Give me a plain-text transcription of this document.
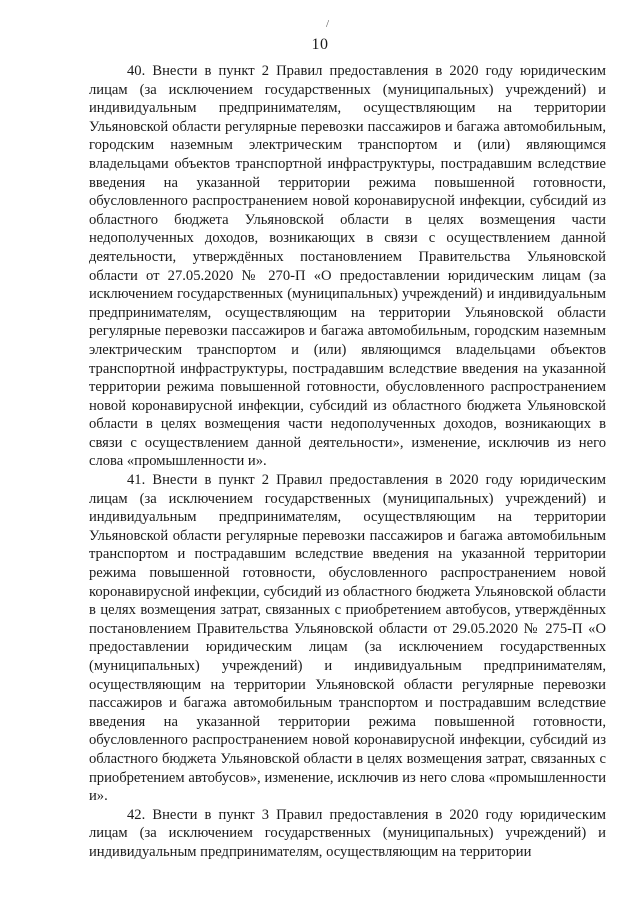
/
10

40. Внести в пункт 2 Правил предоставления в 2020 году юридическим лицам (за исключением государственных (муниципальных) учреждений) и индивидуальным предпринимателям, осуществляющим на территории Ульяновской области регулярные перевозки пассажиров и багажа автомобильным, городским наземным электрическим транспортом и (или) являющимся владельцами объектов транспортной инфраструктуры, пострадавшим вследствие введения на указанной территории режима повышенной готовности, обусловленного распространением новой коронавирусной инфекции, субсидий из областного бюджета Ульяновской области в целях возмещения части недополученных доходов, возникающих в связи с осуществлением данной деятельности, утверждённых постановлением Правительства Ульяновской области от 27.05.2020 № 270-П «О предоставлении юридическим лицам (за исключением государственных (муниципальных) учреждений) и индивидуальным предпринимателям, осуществляющим на территории Ульяновской области регулярные перевозки пассажиров и багажа автомобильным, городским наземным электрическим транспортом и (или) являющимся владельцами объектов транспортной инфраструктуры, пострадавшим вследствие введения на указанной территории режима повышенной готовности, обусловленного распространением новой коронавирусной инфекции, субсидий из областного бюджета Ульяновской области в целях возмещения части недополученных доходов, возникающих в связи с осуществлением данной деятельности», изменение, исключив из него слова «промышленности и».

41. Внести в пункт 2 Правил предоставления в 2020 году юридическим лицам (за исключением государственных (муниципальных) учреждений) и индивидуальным предпринимателям, осуществляющим на территории Ульяновской области регулярные перевозки пассажиров и багажа автомобильным транспортом и пострадавшим вследствие введения на указанной территории режима повышенной готовности, обусловленного распространением новой коронавирусной инфекции, субсидий из областного бюджета Ульяновской области в целях возмещения затрат, связанных с приобретением автобусов, утверждённых постановлением Правительства Ульяновской области от 29.05.2020 № 275-П «О предоставлении юридическим лицам (за исключением государственных (муниципальных) учреждений) и индивидуальным предпринимателям, осуществляющим на территории Ульяновской области регулярные перевозки пассажиров и багажа автомобильным транспортом и пострадавшим вследствие введения на указанной территории режима повышенной готовности, обусловленного распространением новой коронавирусной инфекции, субсидий из областного бюджета Ульяновской области в целях возмещения затрат, связанных с приобретением автобусов», изменение, исключив из него слова «промышленности и».

42. Внести в пункт 3 Правил предоставления в 2020 году юридическим лицам (за исключением государственных (муниципальных) учреждений) и индивидуальным предпринимателям, осуществляющим на территории
